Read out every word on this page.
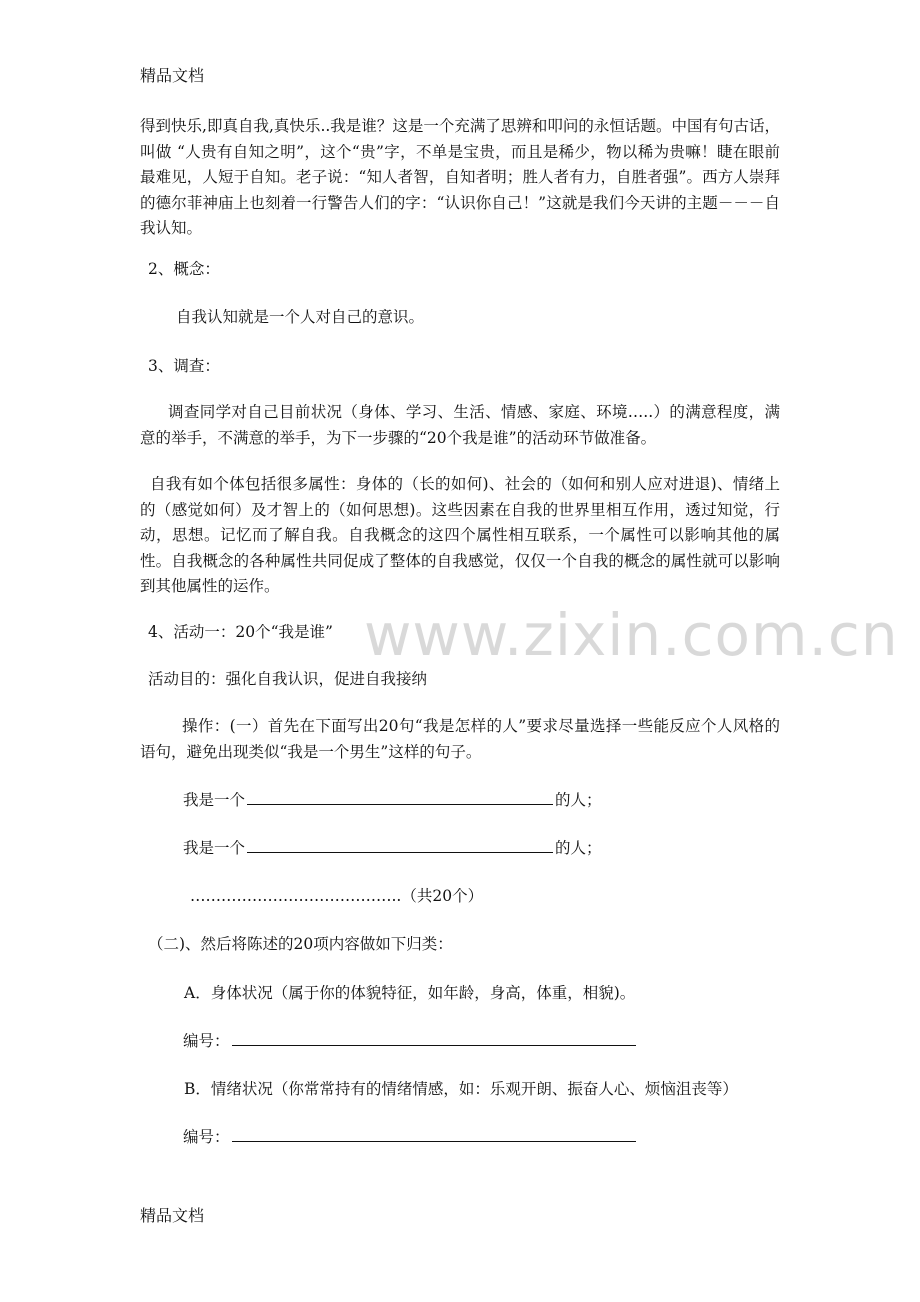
精品文档
www.zixin.com.cn

得到快乐,即真自我,真快乐..我是谁？这是一个充满了思辨和叩问的永恒话题。中国有句古话，叫做 “人贵有自知之明”，这个“贵”字，不单是宝贵，而且是稀少，物以稀为贵嘛！睫在眼前最难见，人短于自知。老子说：“知人者智，自知者明；胜人者有力，自胜者强”。西方人崇拜的德尔菲神庙上也刻着一行警告人们的字：“认识你自己！”这就是我们今天讲的主题－－－自我认知。

2、概念：

自我认知就是一个人对自己的意识。

3、调查：

调查同学对自己目前状况（身体、学习、生活、情感、家庭、环境…..）的满意程度，满意的举手，不满意的举手，为下一步骤的“20个我是谁”的活动环节做准备。

自我有如个体包括很多属性：身体的（长的如何)、社会的（如何和别人应对进退)、情绪上的（感觉如何）及才智上的（如何思想)。这些因素在自我的世界里相互作用，透过知觉，行动，思想。记忆而了解自我。自我概念的这四个属性相互联系，一个属性可以影响其他的属性。自我概念的各种属性共同促成了整体的自我感觉，仅仅一个自我的概念的属性就可以影响到其他属性的运作。

4、活动一：20个“我是谁”

活动目的：强化自我认识，促进自我接纳

操作：(一）首先在下面写出20句“我是怎样的人”要求尽量选择一些能反应个人风格的语句，避免出现类似“我是一个男生”这样的句子。

我是一个	的人；
我是一个	的人；

…………………………………..（共20个）

（二)、然后将陈述的20项内容做如下归类：

A．身体状况（属于你的体貌特征，如年龄，身高，体重，相貌)。

编号：

B．情绪状况（你常常持有的情绪情感，如：乐观开朗、振奋人心、烦恼沮丧等）

编号：
精品文档
